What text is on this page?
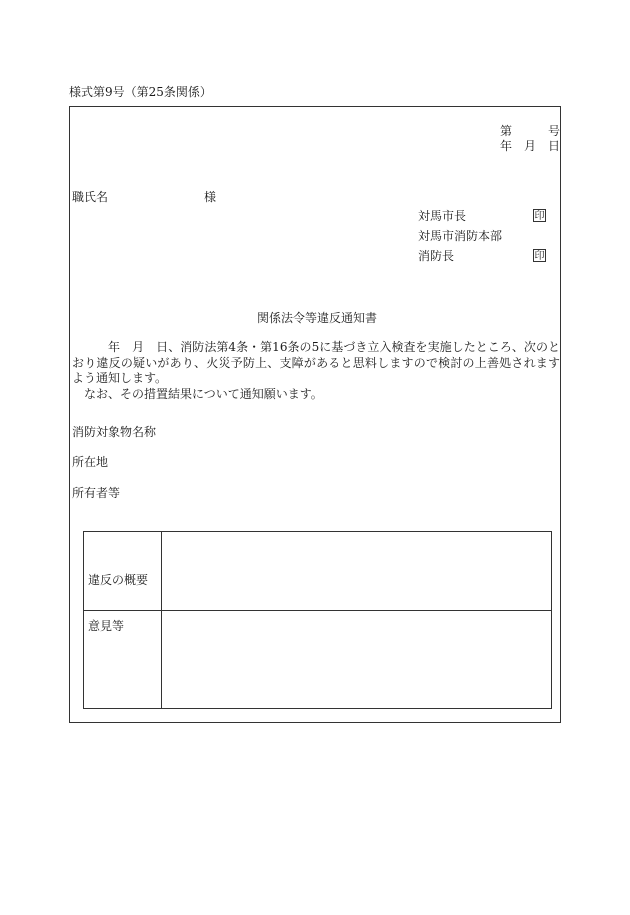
様式第9号（第25条関係）
第	号
年 月 日
職氏名	様
対馬市長	印
対馬市消防本部
消防長	印
関係法令等違反通知書

年　月　日、消防法第4条・第16条の5に基づき立入検査を実施したところ、次のとおり違反の疑いがあり、火災予防上、支障があると思料しますので検討の上善処されますよう通知します。

なお、その措置結果について通知願います。

消防対象物名称
所在地
所有者等
違反の概要
意見等
